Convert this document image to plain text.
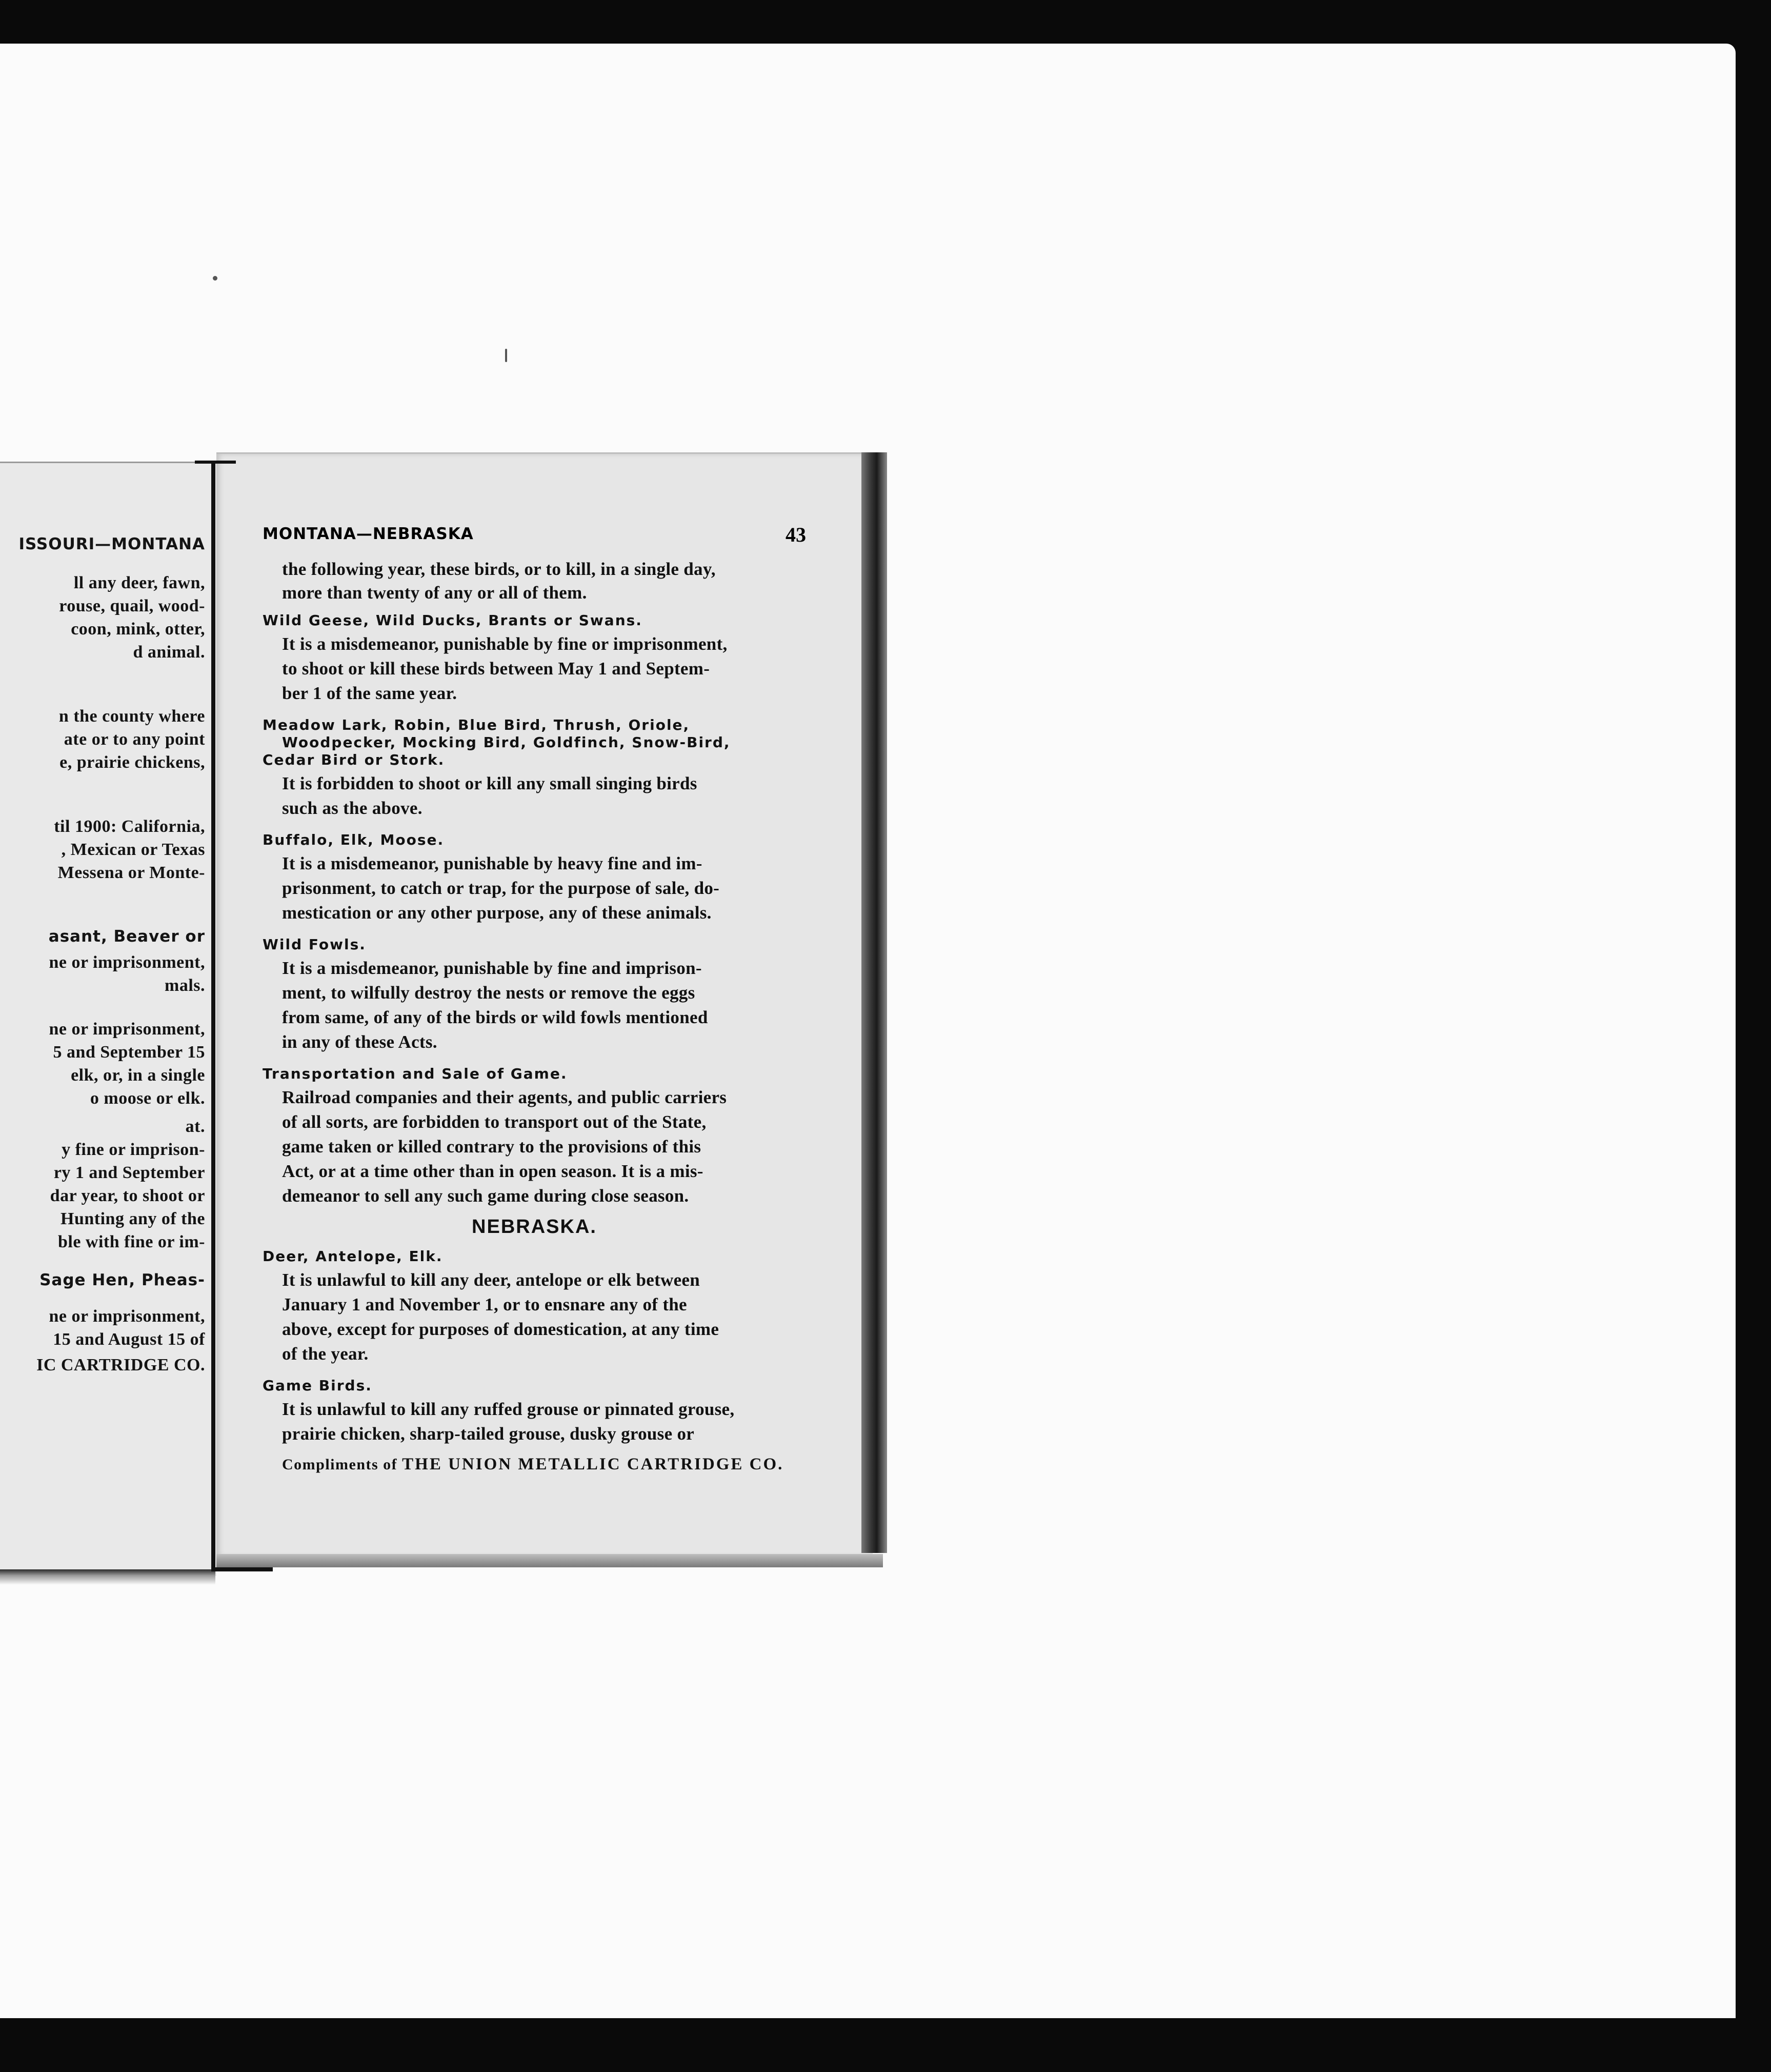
ISSOURI—MONTANA
ll any deer, fawn,
rouse, quail, wood-
coon, mink, otter,
d animal.
n the county where
ate or to any point
e, prairie chickens,
til 1900: California,
, Mexican or Texas
Messena or Monte-
asant, Beaver or
ne or imprisonment,
mals.
ne or imprisonment,
5 and September 15
elk, or, in a single
o moose or elk.
at.
y fine or imprison-
ry 1 and September
dar year, to shoot or
Hunting any of the
ble with fine or im-
Sage Hen, Pheas-
ne or imprisonment,
15 and August 15 of
IC CARTRIDGE CO.
MONTANA—NEBRASKA	43
the following year, these birds, or to kill, in a single day,
more than twenty of any or all of them.
Wild Geese, Wild Ducks, Brants or Swans.
It is a misdemeanor, punishable by fine or imprisonment,
to shoot or kill these birds between May 1 and Septem-
ber 1 of the same year.
Meadow Lark, Robin, Blue Bird, Thrush, Oriole,
Woodpecker, Mocking Bird, Goldfinch, Snow-Bird,
Cedar Bird or Stork.
It is forbidden to shoot or kill any small singing birds
such as the above.
Buffalo, Elk, Moose.
It is a misdemeanor, punishable by heavy fine and im-
prisonment, to catch or trap, for the purpose of sale, do-
mestication or any other purpose, any of these animals.
Wild Fowls.
It is a misdemeanor, punishable by fine and imprison-
ment, to wilfully destroy the nests or remove the eggs
from same, of any of the birds or wild fowls mentioned
in any of these Acts.
Transportation and Sale of Game.
Railroad companies and their agents, and public carriers
of all sorts, are forbidden to transport out of the State,
game taken or killed contrary to the provisions of this
Act, or at a time other than in open season. It is a mis-
demeanor to sell any such game during close season.
NEBRASKA.
Deer, Antelope, Elk.
It is unlawful to kill any deer, antelope or elk between
January 1 and November 1, or to ensnare any of the
above, except for purposes of domestication, at any time
of the year.
Game Birds.
It is unlawful to kill any ruffed grouse or pinnated grouse,
prairie chicken, sharp-tailed grouse, dusky grouse or
Compliments of THE UNION METALLIC CARTRIDGE CO.
